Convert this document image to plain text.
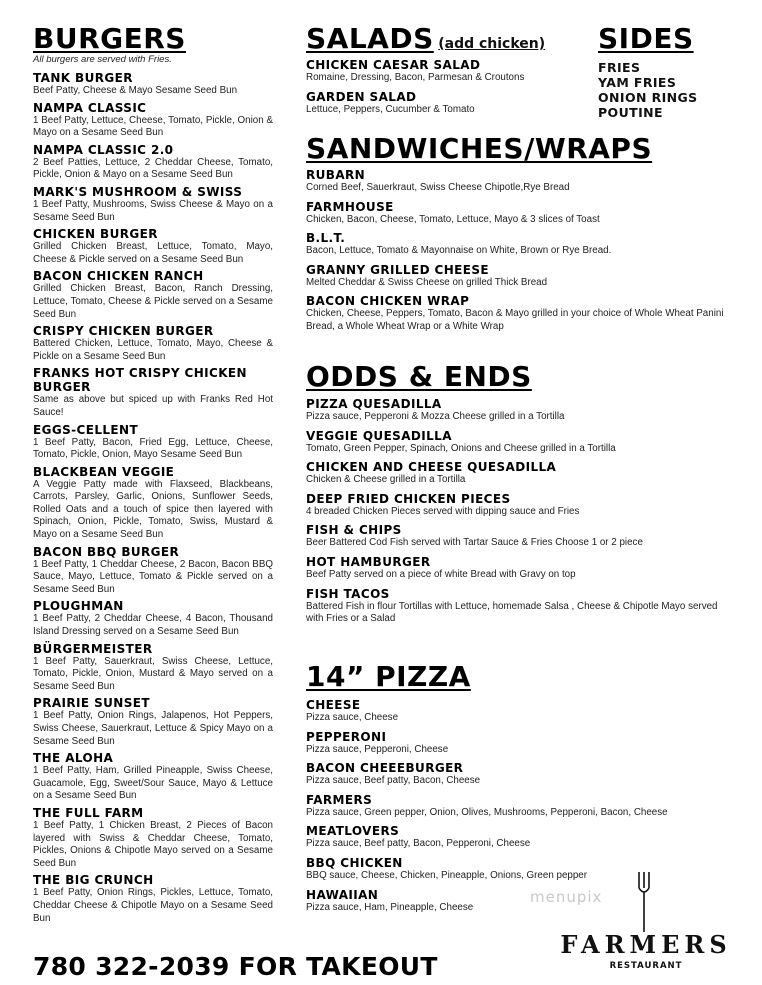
BURGERS
All burgers are served with Fries.
TANK BURGER
Beef Patty, Cheese & Mayo Sesame Seed Bun
NAMPA CLASSIC
1 Beef Patty, Lettuce, Cheese, Tomato, Pickle, Onion & Mayo on a Sesame Seed Bun
NAMPA CLASSIC 2.0
2 Beef Patties, Lettuce, 2 Cheddar Cheese, Tomato, Pickle, Onion & Mayo on a Sesame Seed Bun
MARK'S MUSHROOM & SWISS
1 Beef Patty, Mushrooms, Swiss Cheese & Mayo on a Sesame Seed Bun
CHICKEN BURGER
Grilled Chicken Breast, Lettuce, Tomato, Mayo, Cheese & Pickle served on a Sesame Seed Bun
BACON CHICKEN RANCH
Grilled Chicken Breast, Bacon, Ranch Dressing, Lettuce, Tomato, Cheese & Pickle served on a Sesame Seed Bun
CRISPY CHICKEN BURGER
Battered Chicken, Lettuce, Tomato, Mayo, Cheese & Pickle on a Sesame Seed Bun
FRANKS HOT CRISPY CHICKEN BURGER
Same as above but spiced up with Franks Red Hot Sauce!
EGGS-CELLENT
1 Beef Patty, Bacon, Fried Egg, Lettuce, Cheese, Tomato, Pickle, Onion, Mayo Sesame Seed Bun
BLACKBEAN VEGGIE
A Veggie Patty made with Flaxseed, Blackbeans, Carrots, Parsley, Garlic, Onions, Sunflower Seeds, Rolled Oats and a touch of spice then layered with Spinach, Onion, Pickle, Tomato, Swiss, Mustard & Mayo on a Sesame Seed Bun
BACON BBQ BURGER
1 Beef Patty, 1 Cheddar Cheese, 2 Bacon, Bacon BBQ Sauce, Mayo, Lettuce, Tomato & Pickle served on a Sesame Seed Bun
PLOUGHMAN
1 Beef Patty, 2 Cheddar Cheese, 4 Bacon, Thousand Island Dressing served on a Sesame Seed Bun
BÜRGERMEISTER
1 Beef Patty, Sauerkraut, Swiss Cheese, Lettuce, Tomato, Pickle, Onion, Mustard & Mayo served on a Sesame Seed Bun
PRAIRIE SUNSET
1 Beef Patty, Onion Rings, Jalapenos, Hot Peppers, Swiss Cheese, Sauerkraut, Lettuce & Spicy Mayo on a Sesame Seed Bun
THE ALOHA
1 Beef Patty, Ham, Grilled Pineapple, Swiss Cheese, Guacamole, Egg, Sweet/Sour Sauce, Mayo & Lettuce on a Sesame Seed Bun
THE FULL FARM
1 Beef Patty, 1 Chicken Breast, 2 Pieces of Bacon layered with Swiss & Cheddar Cheese, Tomato, Pickles, Onions & Chipotle Mayo served on a Sesame Seed Bun
THE BIG CRUNCH
1 Beef Patty, Onion Rings, Pickles, Lettuce, Tomato, Cheddar Cheese & Chipotle Mayo on a Sesame Seed Bun
SALADS (add chicken)
CHICKEN CAESAR SALAD
Romaine, Dressing, Bacon, Parmesan & Croutons
GARDEN SALAD
Lettuce, Peppers, Cucumber & Tomato
SIDES
FRIES
YAM FRIES
ONION RINGS
POUTINE
SANDWICHES/WRAPS
RUBARN
Corned Beef, Sauerkraut, Swiss Cheese Chipotle,Rye Bread
FARMHOUSE
Chicken, Bacon, Cheese, Tomato, Lettuce, Mayo & 3 slices of Toast
B.L.T.
Bacon, Lettuce, Tomato & Mayonnaise on White, Brown or Rye Bread.
GRANNY GRILLED CHEESE
Melted Cheddar & Swiss Cheese on grilled Thick Bread
BACON CHICKEN WRAP
Chicken, Cheese, Peppers, Tomato, Bacon & Mayo grilled in your choice of Whole Wheat Panini Bread, a Whole Wheat Wrap or a White Wrap
ODDS & ENDS
PIZZA QUESADILLA
Pizza sauce, Pepperoni & Mozza Cheese grilled in a Tortilla
VEGGIE QUESADILLA
Tomato, Green Pepper, Spinach, Onions and Cheese grilled in a Tortilla
CHICKEN AND CHEESE QUESADILLA
Chicken & Cheese grilled in a Tortilla
DEEP FRIED CHICKEN PIECES
4 breaded Chicken Pieces served with dipping sauce and Fries
FISH & CHIPS
Beer Battered Cod Fish served with Tartar Sauce & Fries Choose 1 or 2 piece
HOT HAMBURGER
Beef Patty served on a piece of white Bread with Gravy on top
FISH TACOS
Battered Fish in flour Tortillas with Lettuce, homemade Salsa , Cheese & Chipotle Mayo served with Fries or a Salad
14” PIZZA
CHEESE
Pizza sauce, Cheese
PEPPERONI
Pizza sauce, Pepperoni, Cheese
BACON CHEEEBURGER
Pizza sauce, Beef patty, Bacon, Cheese
FARMERS
Pizza sauce, Green pepper, Onion, Olives, Mushrooms, Pepperoni, Bacon, Cheese
MEATLOVERS
Pizza sauce, Beef patty, Bacon, Pepperoni, Cheese
BBQ CHICKEN
BBQ sauce, Cheese, Chicken, Pineapple, Onions, Green pepper
HAWAIIAN
Pizza sauce, Ham, Pineapple, Cheese
780 322-2039 FOR TAKEOUT
menupix
FARMERS
RESTAURANT
